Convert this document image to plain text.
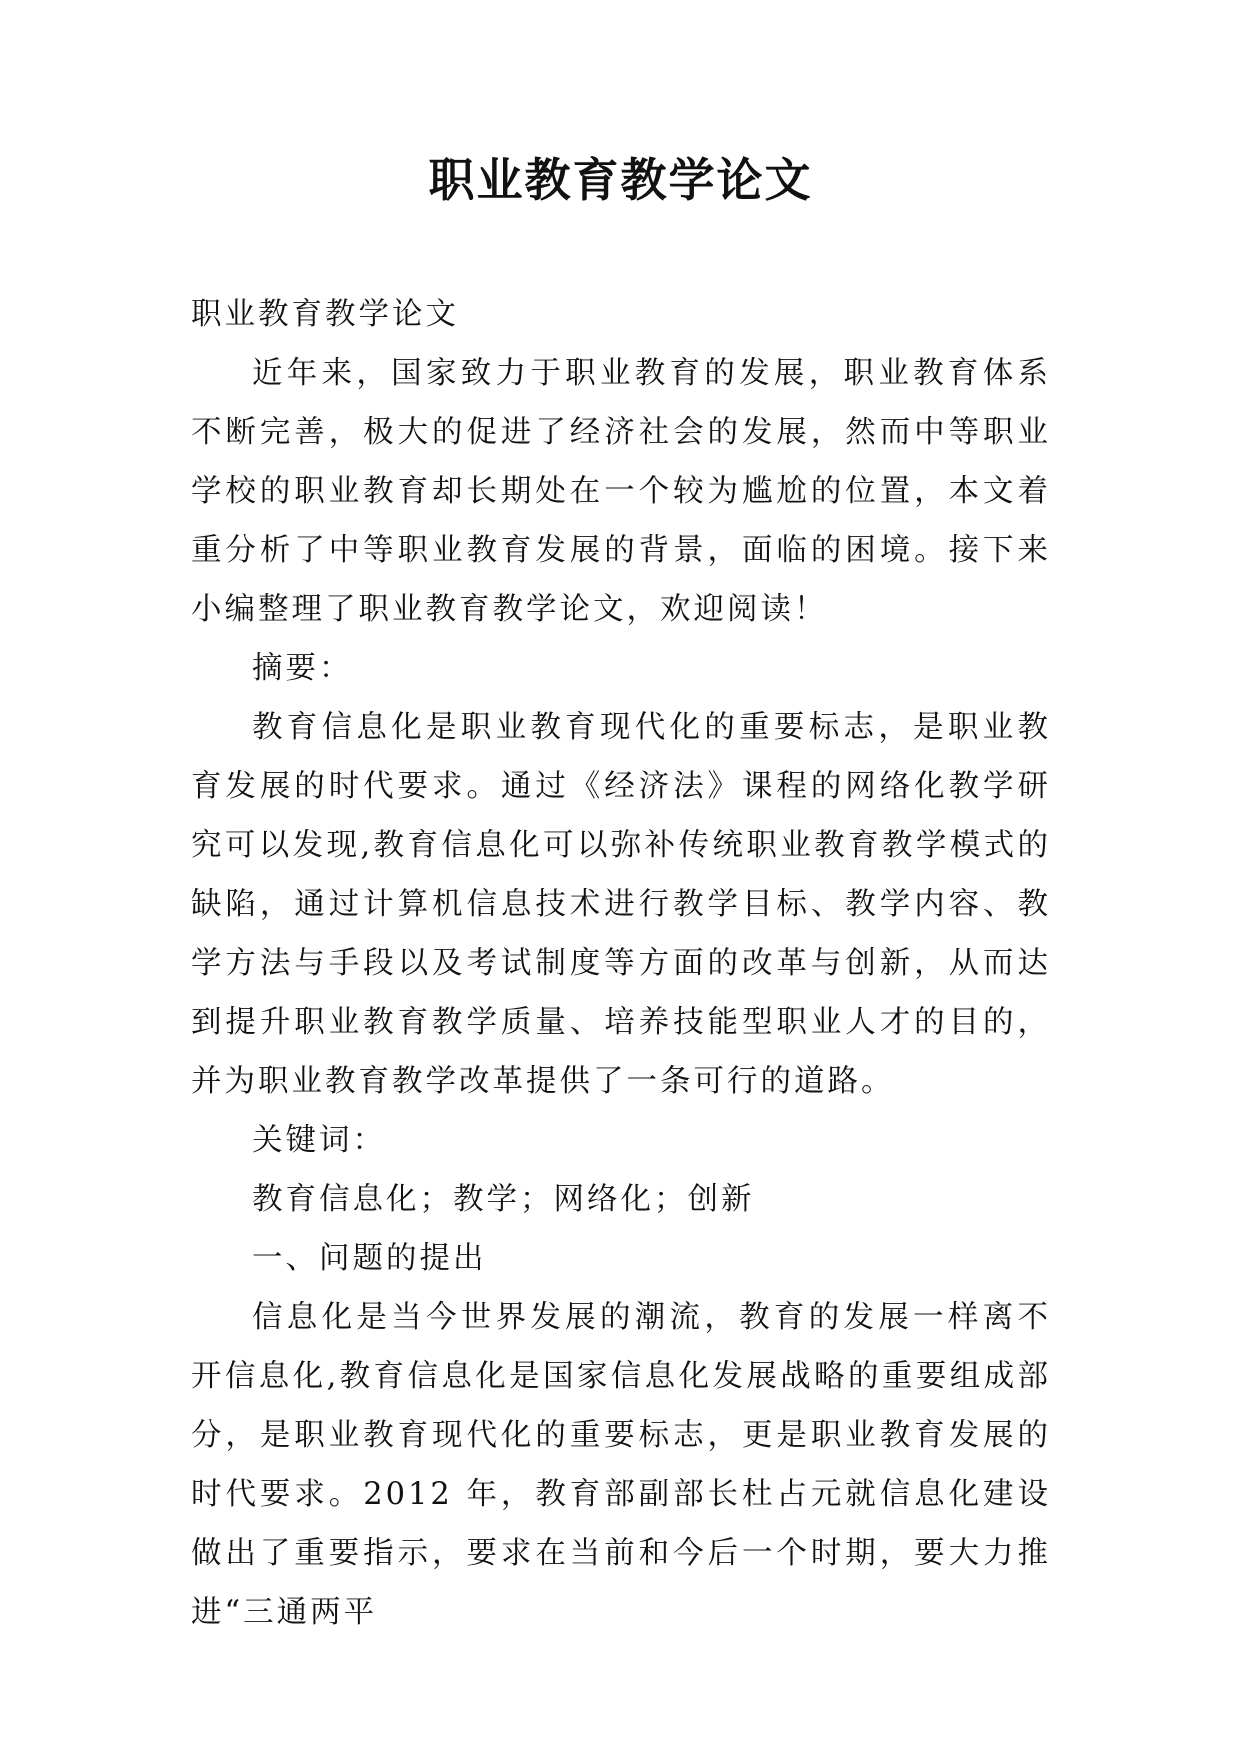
职业教育教学论文

职业教育教学论文

近年来，国家致力于职业教育的发展，职业教育体系不断完善，极大的促进了经济社会的发展，然而中等职业学校的职业教育却长期处在一个较为尴尬的位置，本文着重分析了中等职业教育发展的背景，面临的困境。接下来小编整理了职业教育教学论文，欢迎阅读！

摘要：

教育信息化是职业教育现代化的重要标志，是职业教育发展的时代要求。通过《经济法》课程的网络化教学研究可以发现,教育信息化可以弥补传统职业教育教学模式的缺陷，通过计算机信息技术进行教学目标、教学内容、教学方法与手段以及考试制度等方面的改革与创新，从而达到提升职业教育教学质量、培养技能型职业人才的目的，并为职业教育教学改革提供了一条可行的道路。

关键词：

教育信息化；教学；网络化；创新

一、问题的提出

信息化是当今世界发展的潮流，教育的发展一样离不开信息化,教育信息化是国家信息化发展战略的重要组成部分，是职业教育现代化的重要标志，更是职业教育发展的时代要求。2012 年，教育部副部长杜占元就信息化建设做出了重要指示，要求在当前和今后一个时期，要大力推进“三通两平
